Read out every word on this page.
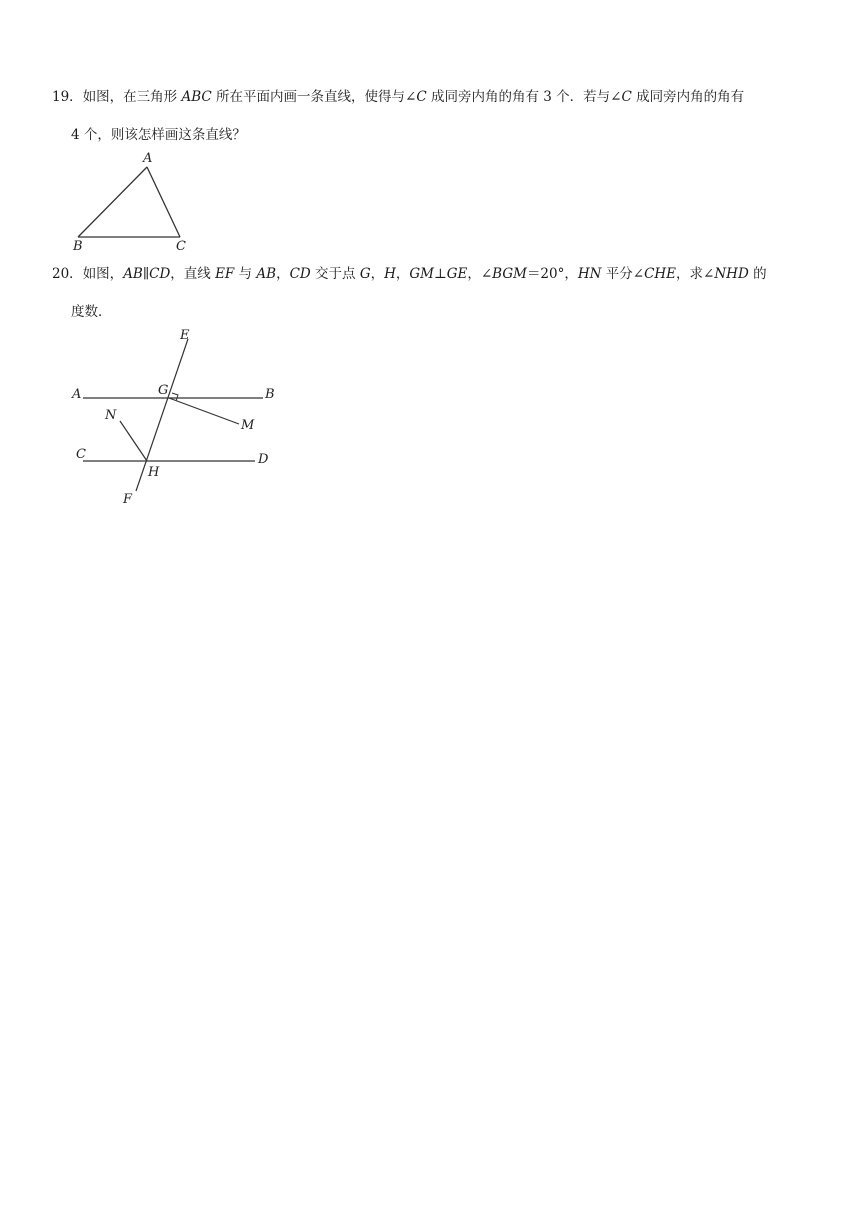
19．如图，在三角形 ABC 所在平面内画一条直线，使得与∠C 成同旁内角的角有 3 个．若与∠C 成同旁内角的角有
4 个，则该怎样画这条直线？
A
B	C
20．如图，AB∥CD，直线 EF 与 AB，CD 交于点 G，H，GM⊥GE，∠BGM＝20°，HN 平分∠CHE，求∠NHD 的
度数．
E
A	G	B
N
M
C
H
D
F
